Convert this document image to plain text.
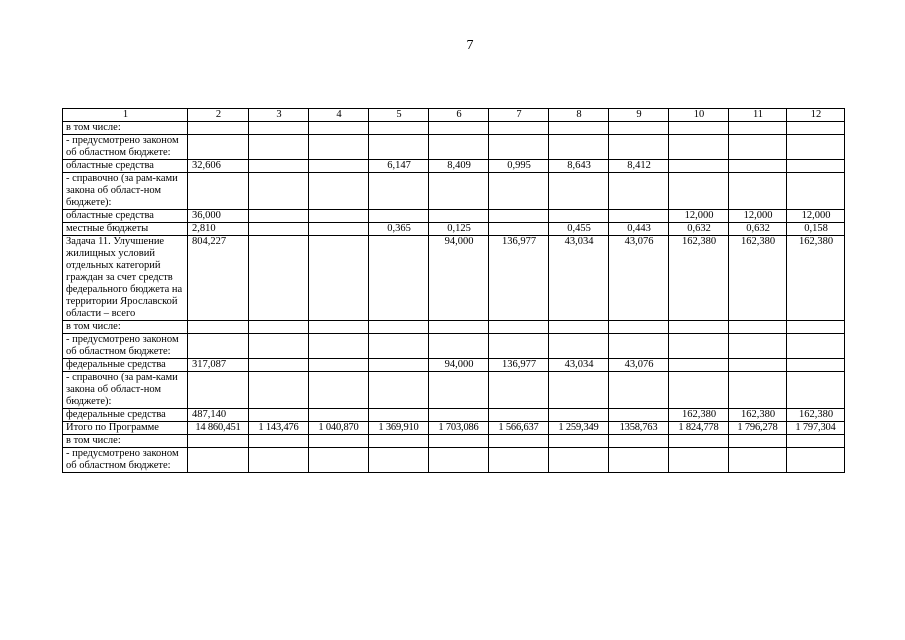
7
1	2	3	4	5	6	7	8	9	10	11	12
в том числе:											
- предусмотрено законом об областном бюджете:											
областные средства	32,606			6,147	8,409	0,995	8,643	8,412			
- справочно (за рам-ками закона об област-ном бюджете):											
областные средства	36,000								12,000	12,000	12,000
местные бюджеты	2,810			0,365	0,125		0,455	0,443	0,632	0,632	0,158
Задача 11. Улучшение жилищных условий отдельных категорий граждан за счет средств федерального бюджета на территории Ярославской области – всего	804,227				94,000	136,977	43,034	43,076	162,380	162,380	162,380
в том числе:											
- предусмотрено законом об областном бюджете:											
федеральные средства	317,087				94,000	136,977	43,034	43,076			
- справочно (за рам-ками закона об област-ном бюджете):											
федеральные средства	487,140								162,380	162,380	162,380
Итого по Программе	14 860,451	1 143,476	1 040,870	1 369,910	1 703,086	1 566,637	1 259,349	1358,763	1 824,778	1 796,278	1 797,304
в том числе:											
- предусмотрено законом об областном бюджете:											
